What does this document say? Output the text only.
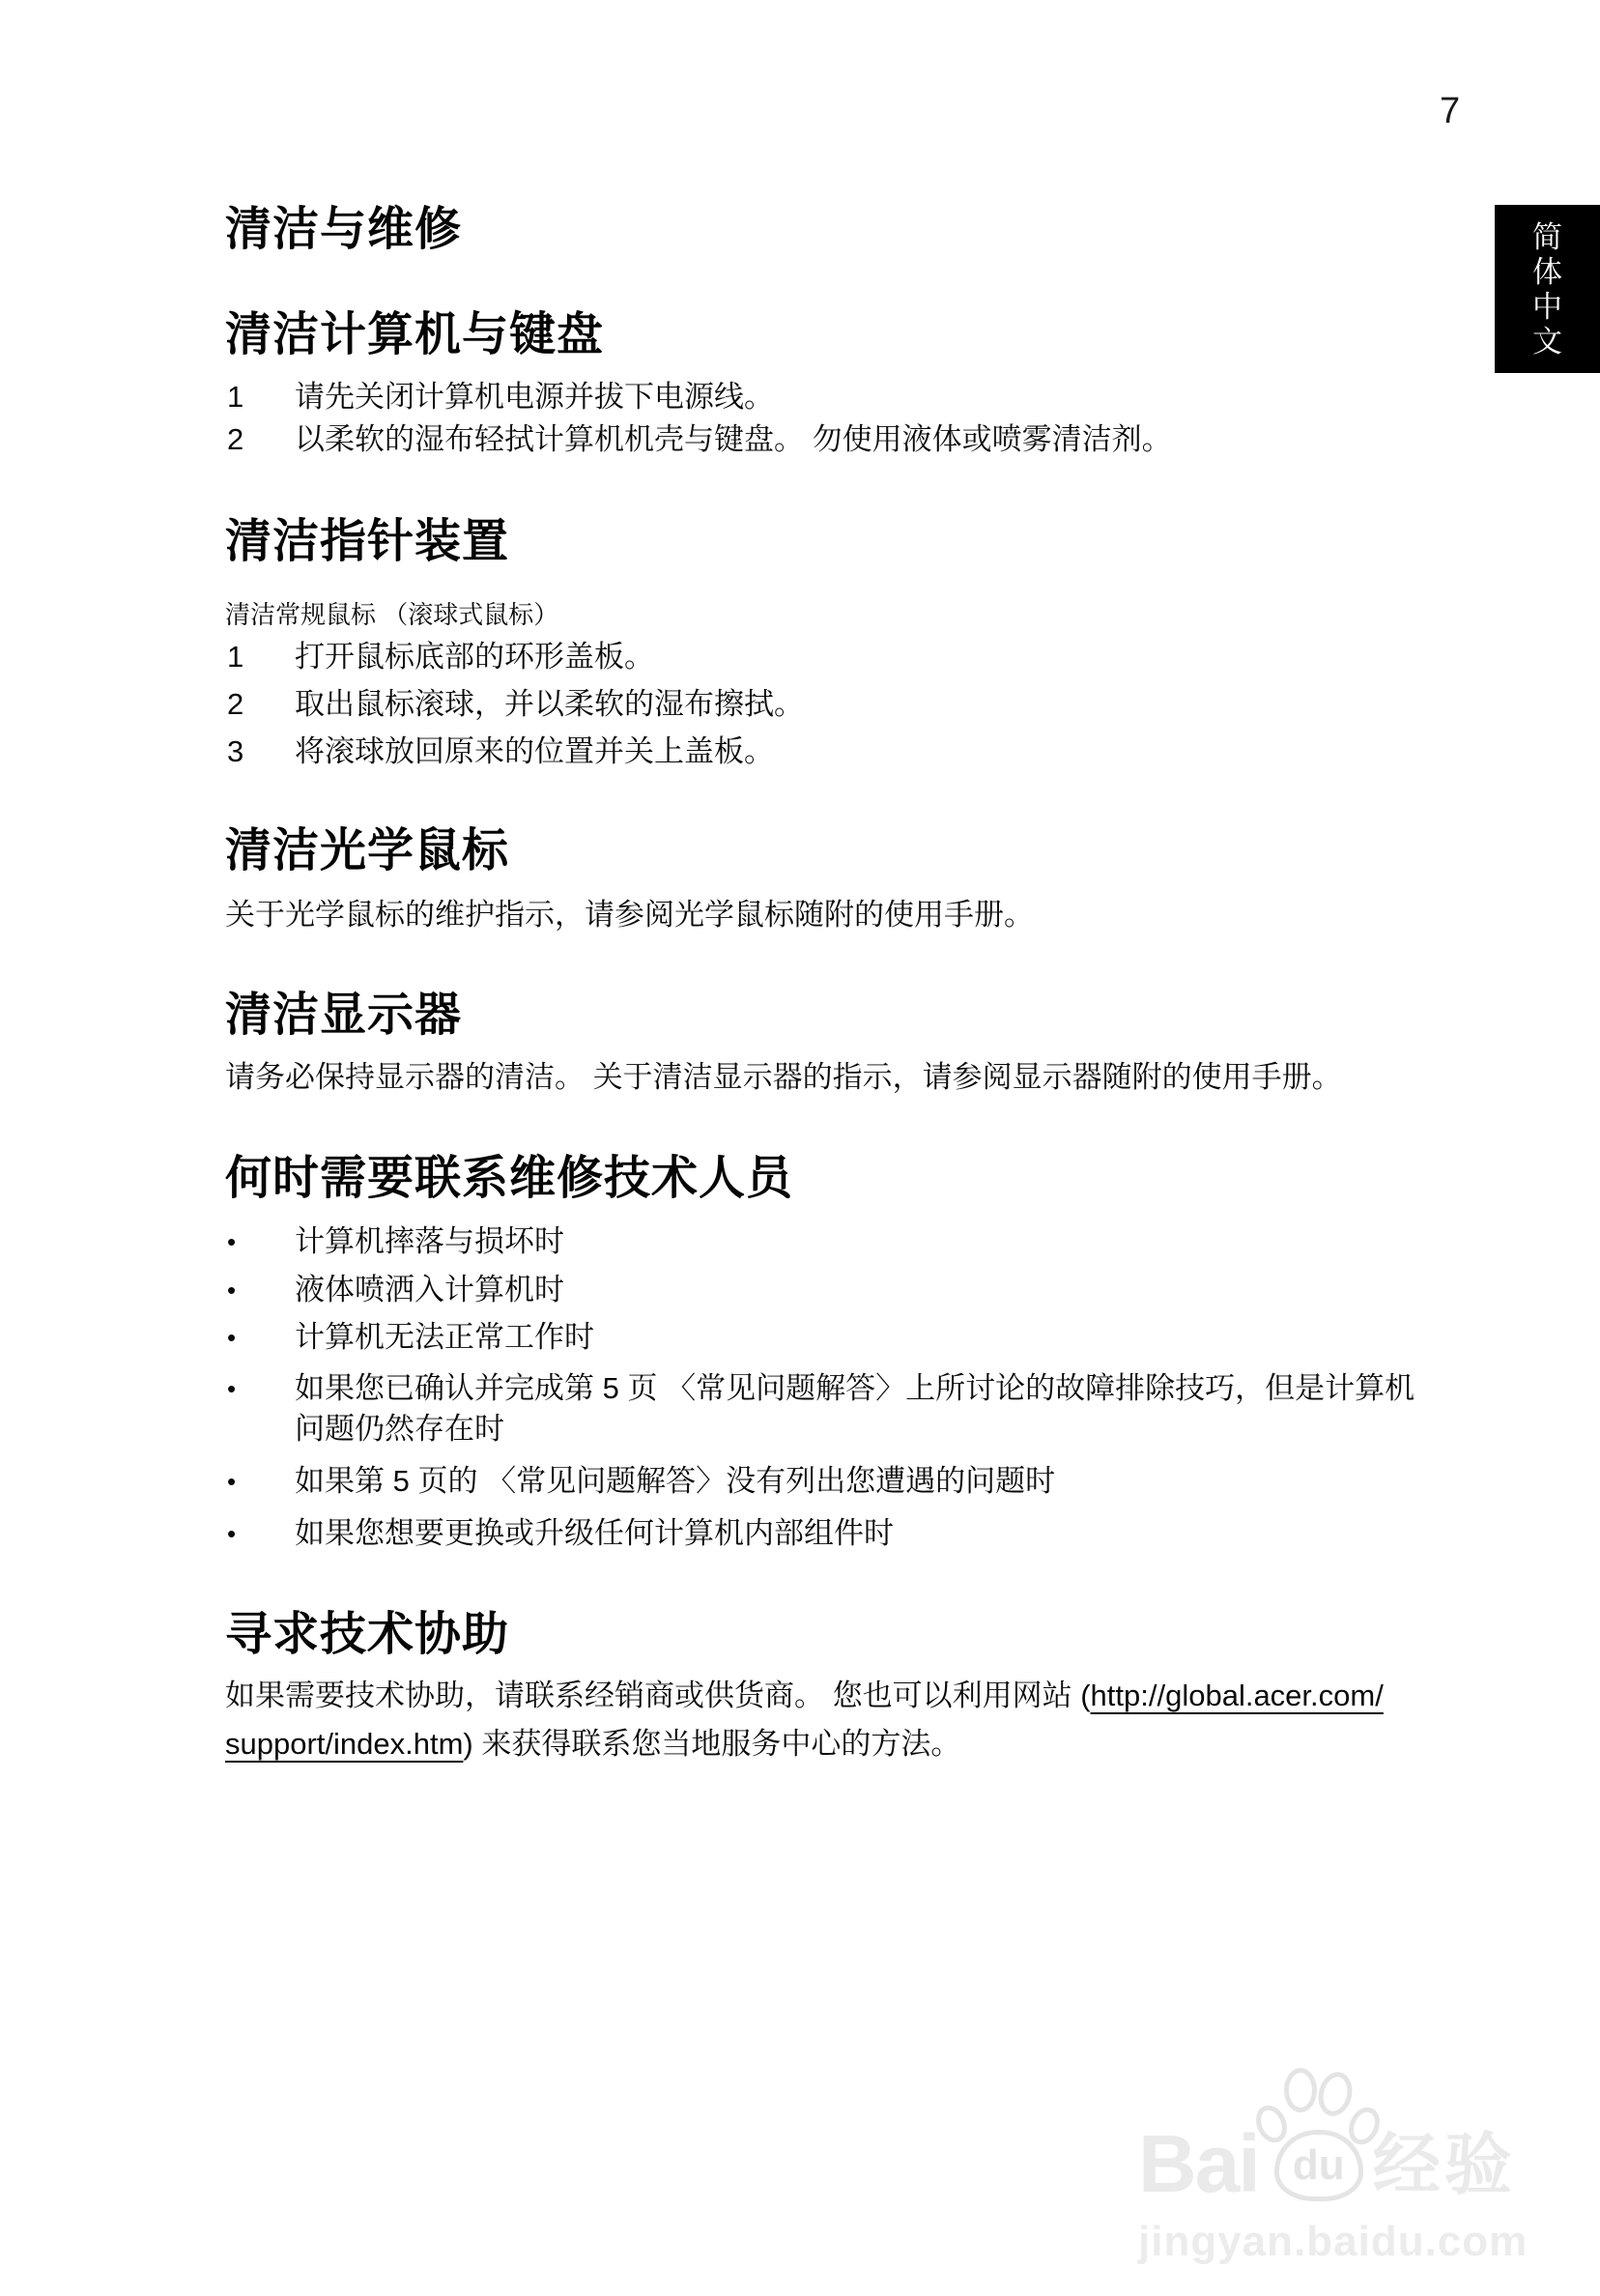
7
简
体
中
文
清洁与维修
清洁计算机与键盘
1	请先关闭计算机电源并拔下电源线。
2	以柔软的湿布轻拭计算机机壳与键盘。 勿使用液体或喷雾清洁剂。
清洁指针装置
清洁常规鼠标 （滚球式鼠标）
1	打开鼠标底部的环形盖板。
2	取出鼠标滚球，并以柔软的湿布擦拭。
3	将滚球放回原来的位置并关上盖板。
清洁光学鼠标
关于光学鼠标的维护指示，请参阅光学鼠标随附的使用手册。
清洁显示器
请务必保持显示器的清洁。 关于清洁显示器的指示，请参阅显示器随附的使用手册。
何时需要联系维修技术人员
•	计算机摔落与损坏时
•	液体喷洒入计算机时
•	计算机无法正常工作时
•	如果您已确认并完成第 5 页 〈常见问题解答〉上所讨论的故障排除技巧，但是计算机
问题仍然存在时
•	如果第 5 页的 〈常见问题解答〉没有列出您遭遇的问题时
•	如果您想要更换或升级任何计算机内部组件时
寻求技术协助
如果需要技术协助，请联系经销商或供货商。 您也可以利用网站 (http://global.acer.com/
support/index.htm) 来获得联系您当地服务中心的方法。
Bai du 经验
jingyan.baidu.com
